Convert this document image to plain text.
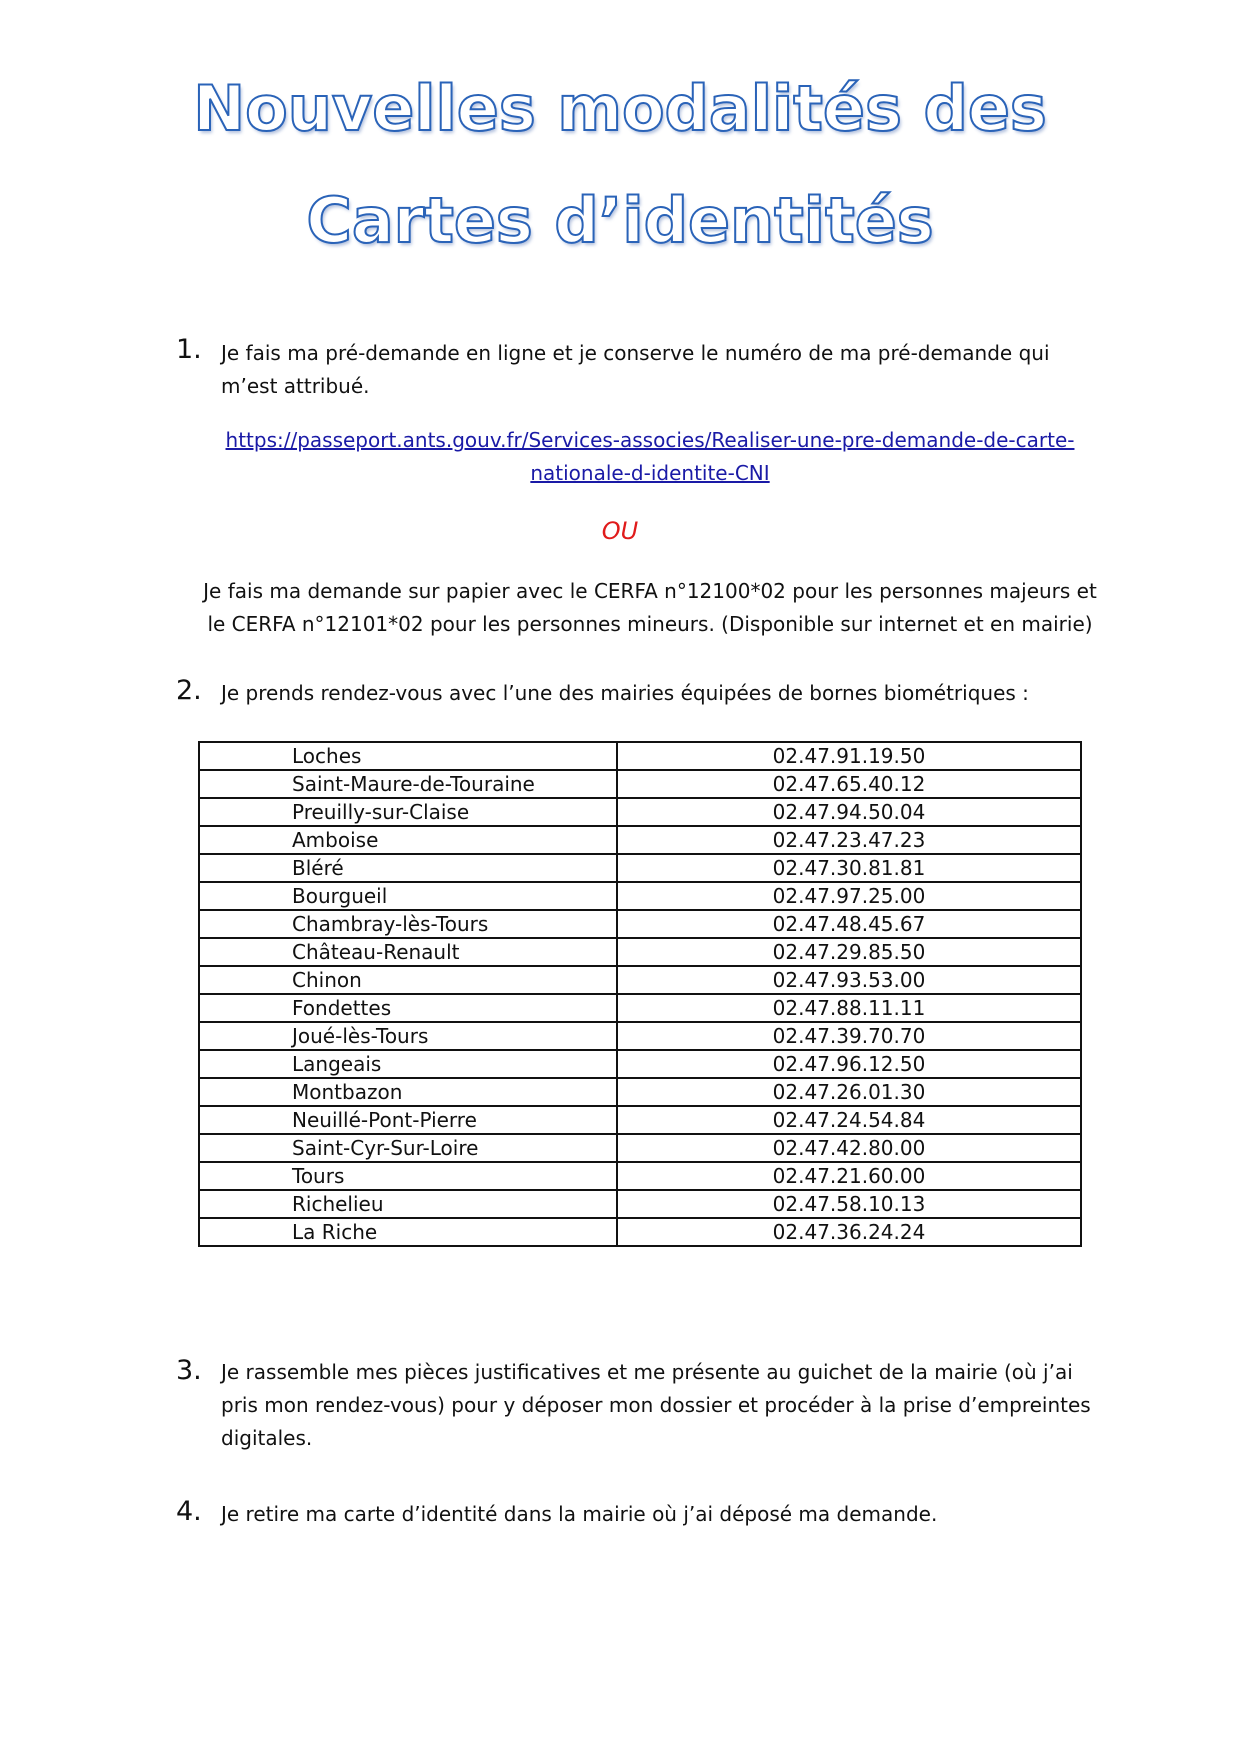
Nouvelles modalités des
Cartes d’identités
1. Je fais ma pré-demande en ligne et je conserve le numéro de ma pré-demande qui m’est attribué.
https://passeport.ants.gouv.fr/Services-associes/Realiser-une-pre-demande-de-carte-
nationale-d-identite-CNI
OU
Je fais ma demande sur papier avec le CERFA n°12100*02 pour les personnes majeurs et le CERFA n°12101*02 pour les personnes mineurs. (Disponible sur internet et en mairie)
2. Je prends rendez-vous avec l’une des mairies équipées de bornes biométriques :
Loches	02.47.91.19.50
Saint-Maure-de-Touraine	02.47.65.40.12
Preuilly-sur-Claise	02.47.94.50.04
Amboise	02.47.23.47.23
Bléré	02.47.30.81.81
Bourgueil	02.47.97.25.00
Chambray-lès-Tours	02.47.48.45.67
Château-Renault	02.47.29.85.50
Chinon	02.47.93.53.00
Fondettes	02.47.88.11.11
Joué-lès-Tours	02.47.39.70.70
Langeais	02.47.96.12.50
Montbazon	02.47.26.01.30
Neuillé-Pont-Pierre	02.47.24.54.84
Saint-Cyr-Sur-Loire	02.47.42.80.00
Tours	02.47.21.60.00
Richelieu	02.47.58.10.13
La Riche	02.47.36.24.24
3. Je rassemble mes pièces justificatives et me présente au guichet de la mairie (où j’ai pris mon rendez-vous) pour y déposer mon dossier et procéder à la prise d’empreintes digitales.
4. Je retire ma carte d’identité dans la mairie où j’ai déposé ma demande.
